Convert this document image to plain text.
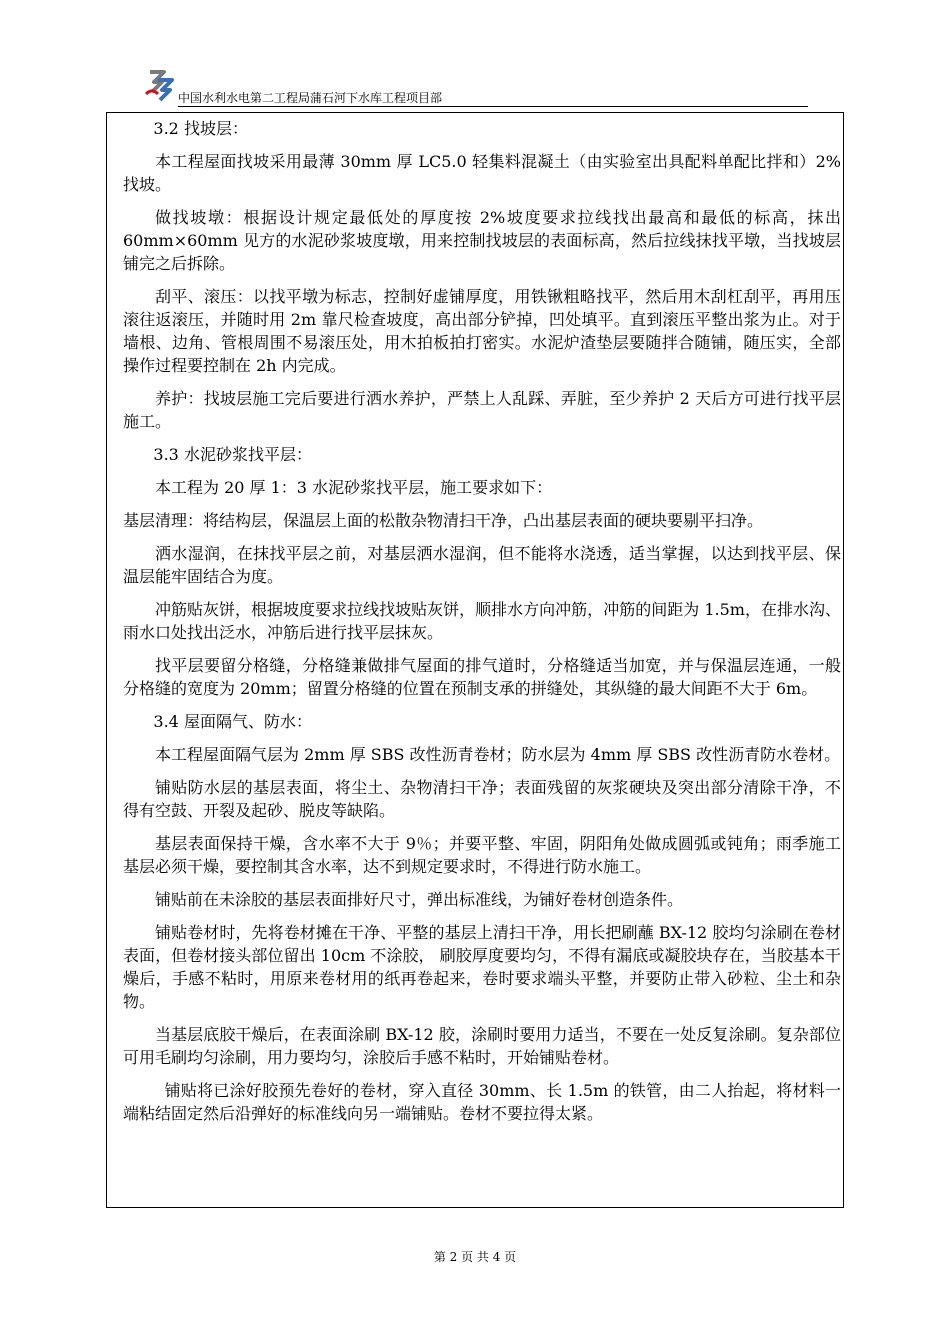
中国水利水电第二工程局蒲石河下水库工程项目部

3.2 找坡层：

本工程屋面找坡采用最薄 30mm 厚 LC5.0 轻集料混凝土（由实验室出具配料单配比拌和）2%找坡。

做找坡墩：根据设计规定最低处的厚度按 2%坡度要求拉线找出最高和最低的标高，抹出 60mm×60mm 见方的水泥砂浆坡度墩，用来控制找坡层的表面标高，然后拉线抹找平墩，当找坡层铺完之后拆除。

刮平、滚压：以找平墩为标志，控制好虚铺厚度，用铁锹粗略找平，然后用木刮杠刮平，再用压滚往返滚压，并随时用 2m 靠尺检查坡度，高出部分铲掉，凹处填平。直到滚压平整出浆为止。对于墙根、边角、管根周围不易滚压处，用木拍板拍打密实。水泥炉渣垫层要随拌合随铺，随压实，全部操作过程要控制在 2h 内完成。

养护：找坡层施工完后要进行洒水养护，严禁上人乱踩、弄脏，至少养护 2 天后方可进行找平层施工。

3.3 水泥砂浆找平层：

本工程为 20 厚 1：3 水泥砂浆找平层，施工要求如下：

基层清理：将结构层，保温层上面的松散杂物清扫干净，凸出基层表面的硬块要剔平扫净。

洒水湿润，在抹找平层之前，对基层洒水湿润，但不能将水浇透，适当掌握，以达到找平层、保温层能牢固结合为度。

冲筋贴灰饼，根据坡度要求拉线找坡贴灰饼，顺排水方向冲筋，冲筋的间距为 1.5m，在排水沟、雨水口处找出泛水，冲筋后进行找平层抹灰。

找平层要留分格缝，分格缝兼做排气屋面的排气道时，分格缝适当加宽，并与保温层连通，一般分格缝的宽度为 20mm；留置分格缝的位置在预制支承的拼缝处，其纵缝的最大间距不大于 6m。

3.4 屋面隔气、防水：

本工程屋面隔气层为 2mm 厚 SBS 改性沥青卷材；防水层为 4mm 厚 SBS 改性沥青防水卷材。

铺贴防水层的基层表面，将尘土、杂物清扫干净；表面残留的灰浆硬块及突出部分清除干净，不得有空鼓、开裂及起砂、脱皮等缺陷。

基层表面保持干燥，含水率不大于 9％；并要平整、牢固，阴阳角处做成圆弧或钝角；雨季施工基层必须干燥，要控制其含水率，达不到规定要求时，不得进行防水施工。

铺贴前在未涂胶的基层表面排好尺寸，弹出标准线，为铺好卷材创造条件。

铺贴卷材时，先将卷材摊在干净、平整的基层上清扫干净，用长把刷蘸 BX-12 胶均匀涂刷在卷材表面，但卷材接头部位留出 10cm 不涂胶， 刷胶厚度要均匀，不得有漏底或凝胶块存在，当胶基本干燥后，手感不粘时，用原来卷材用的纸再卷起来，卷时要求端头平整，并要防止带入砂粒、尘土和杂物。

当基层底胶干燥后，在表面涂刷 BX-12 胶，涂刷时要用力适当，不要在一处反复涂刷。复杂部位可用毛刷均匀涂刷，用力要均匀，涂胶后手感不粘时，开始铺贴卷材。

铺贴将已涂好胶预先卷好的卷材，穿入直径 30mm、长 1.5m 的铁管，由二人抬起，将材料一端粘结固定然后沿弹好的标准线向另一端铺贴。卷材不要拉得太紧。

第 2 页 共 4 页
